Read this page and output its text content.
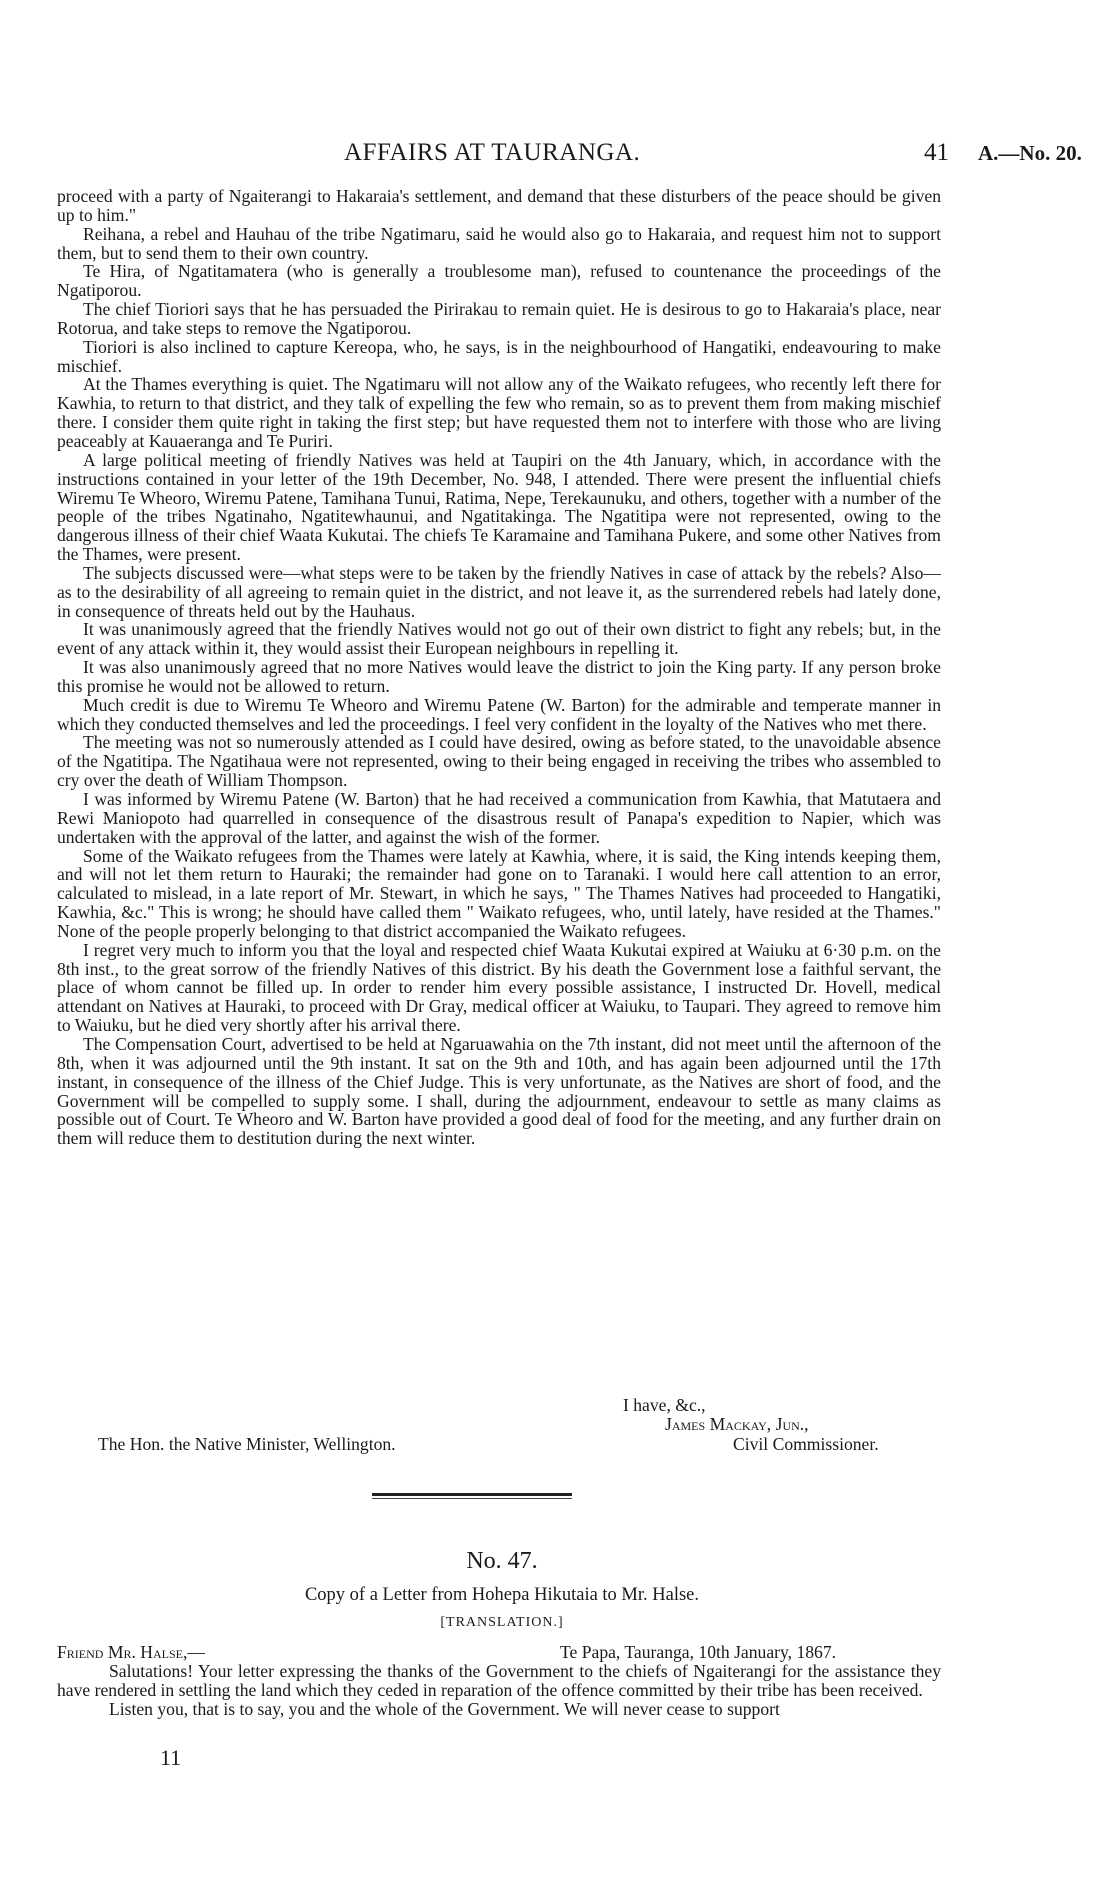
AFFAIRS AT TAURANGA.	41 A.—No. 20.

proceed with a party of Ngaiterangi to Hakaraia's settlement, and demand that these disturbers of the peace should be given up to him."

Reihana, a rebel and Hauhau of the tribe Ngatimaru, said he would also go to Hakaraia, and request him not to support them, but to send them to their own country.

Te Hira, of Ngatitamatera (who is generally a troublesome man), refused to countenance the proceedings of the Ngatiporou.

The chief Tioriori says that he has persuaded the Pirirakau to remain quiet. He is desirous to go to Hakaraia's place, near Rotorua, and take steps to remove the Ngatiporou.

Tioriori is also inclined to capture Kereopa, who, he says, is in the neighbourhood of Hangatiki, endeavouring to make mischief.

At the Thames everything is quiet. The Ngatimaru will not allow any of the Waikato refugees, who recently left there for Kawhia, to return to that district, and they talk of expelling the few who remain, so as to prevent them from making mischief there. I consider them quite right in taking the first step; but have requested them not to interfere with those who are living peaceably at Kauaeranga and Te Puriri.

A large political meeting of friendly Natives was held at Taupiri on the 4th January, which, in accordance with the instructions contained in your letter of the 19th December, No. 948, I attended. There were present the influential chiefs Wiremu Te Wheoro, Wiremu Patene, Tamihana Tunui, Ratima, Nepe, Terekaunuku, and others, together with a number of the people of the tribes Ngatinaho, Ngatitewhaunui, and Ngatitakinga. The Ngatitipa were not represented, owing to the dangerous illness of their chief Waata Kukutai. The chiefs Te Karamaine and Tamihana Pukere, and some other Natives from the Thames, were present.

The subjects discussed were—what steps were to be taken by the friendly Natives in case of attack by the rebels? Also—as to the desirability of all agreeing to remain quiet in the district, and not leave it, as the surrendered rebels had lately done, in consequence of threats held out by the Hauhaus.

It was unanimously agreed that the friendly Natives would not go out of their own district to fight any rebels; but, in the event of any attack within it, they would assist their European neighbours in repelling it.

It was also unanimously agreed that no more Natives would leave the district to join the King party. If any person broke this promise he would not be allowed to return.

Much credit is due to Wiremu Te Wheoro and Wiremu Patene (W. Barton) for the admirable and temperate manner in which they conducted themselves and led the proceedings. I feel very confident in the loyalty of the Natives who met there.

The meeting was not so numerously attended as I could have desired, owing as before stated, to the unavoidable absence of the Ngatitipa. The Ngatihaua were not represented, owing to their being engaged in receiving the tribes who assembled to cry over the death of William Thompson.

I was informed by Wiremu Patene (W. Barton) that he had received a communication from Kawhia, that Matutaera and Rewi Maniopoto had quarrelled in consequence of the disastrous result of Panapa's expedition to Napier, which was undertaken with the approval of the latter, and against the wish of the former.

Some of the Waikato refugees from the Thames were lately at Kawhia, where, it is said, the King intends keeping them, and will not let them return to Hauraki; the remainder had gone on to Taranaki. I would here call attention to an error, calculated to mislead, in a late report of Mr. Stewart, in which he says, " The Thames Natives had proceeded to Hangatiki, Kawhia, &c." This is wrong; he should have called them " Waikato refugees, who, until lately, have resided at the Thames." None of the people properly belonging to that district accompanied the Waikato refugees.

I regret very much to inform you that the loyal and respected chief Waata Kukutai expired at Waiuku at 6·30 p.m. on the 8th inst., to the great sorrow of the friendly Natives of this district. By his death the Government lose a faithful servant, the place of whom cannot be filled up. In order to render him every possible assistance, I instructed Dr. Hovell, medical attendant on Natives at Hauraki, to proceed with Dr Gray, medical officer at Waiuku, to Taupari. They agreed to remove him to Waiuku, but he died very shortly after his arrival there.

The Compensation Court, advertised to be held at Ngaruawahia on the 7th instant, did not meet until the afternoon of the 8th, when it was adjourned until the 9th instant. It sat on the 9th and 10th, and has again been adjourned until the 17th instant, in consequence of the illness of the Chief Judge. This is very unfortunate, as the Natives are short of food, and the Government will be compelled to supply some. I shall, during the adjournment, endeavour to settle as many claims as possible out of Court. Te Wheoro and W. Barton have provided a good deal of food for the meeting, and any further drain on them will reduce them to destitution during the next winter.

I have, &c.,
James Mackay, Jun.,
The Hon. the Native Minister, Wellington.	Civil Commissioner.
No. 47.
Copy of a Letter from Hohepa Hikutaia to Mr. Halse.
[TRANSLATION.]
Friend Mr. Halse,—	Te Papa, Tauranga, 10th January, 1867.

Salutations! Your letter expressing the thanks of the Government to the chiefs of Ngaiterangi for the assistance they have rendered in settling the land which they ceded in reparation of the offence committed by their tribe has been received.

Listen you, that is to say, you and the whole of the Government. We will never cease to support

11
